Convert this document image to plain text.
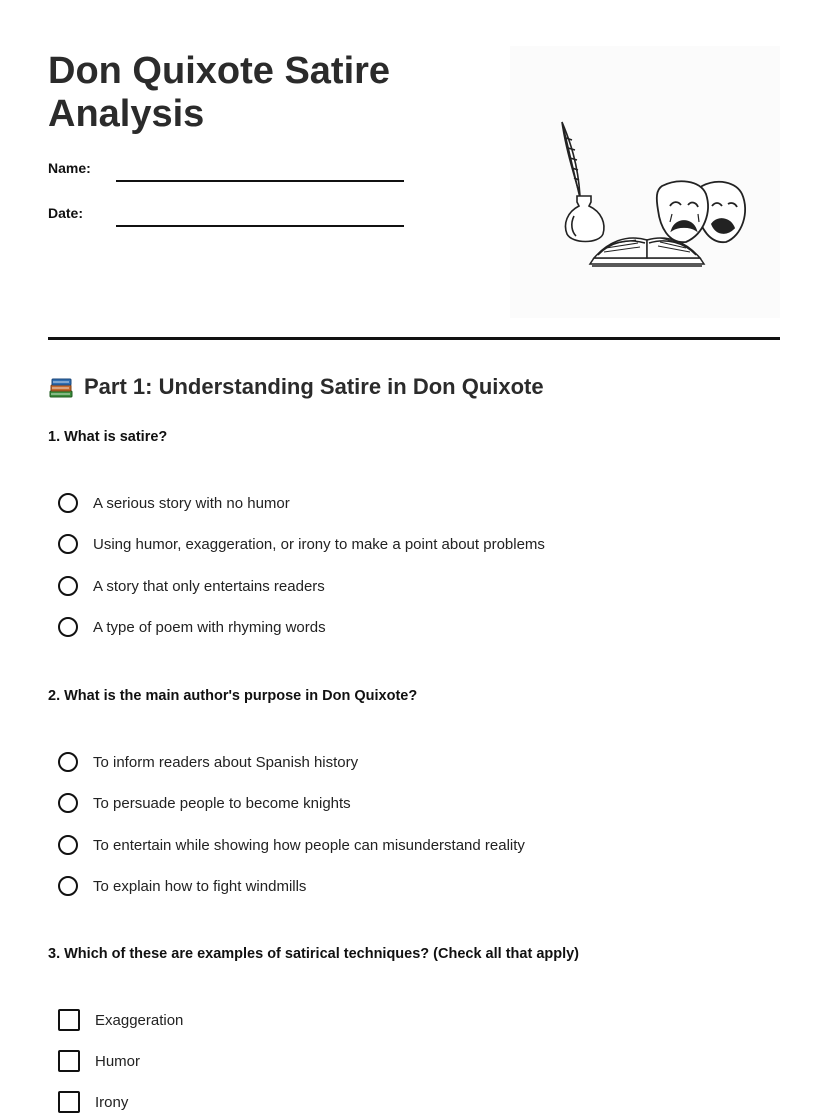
Don Quixote Satire Analysis
Name:
Date:
Part 1: Understanding Satire in Don Quixote
1. What is satire?
A serious story with no humor
Using humor, exaggeration, or irony to make a point about problems
A story that only entertains readers
A type of poem with rhyming words
2. What is the main author's purpose in Don Quixote?
To inform readers about Spanish history
To persuade people to become knights
To entertain while showing how people can misunderstand reality
To explain how to fight windmills
3. Which of these are examples of satirical techniques? (Check all that apply)
Exaggeration
Humor
Irony
